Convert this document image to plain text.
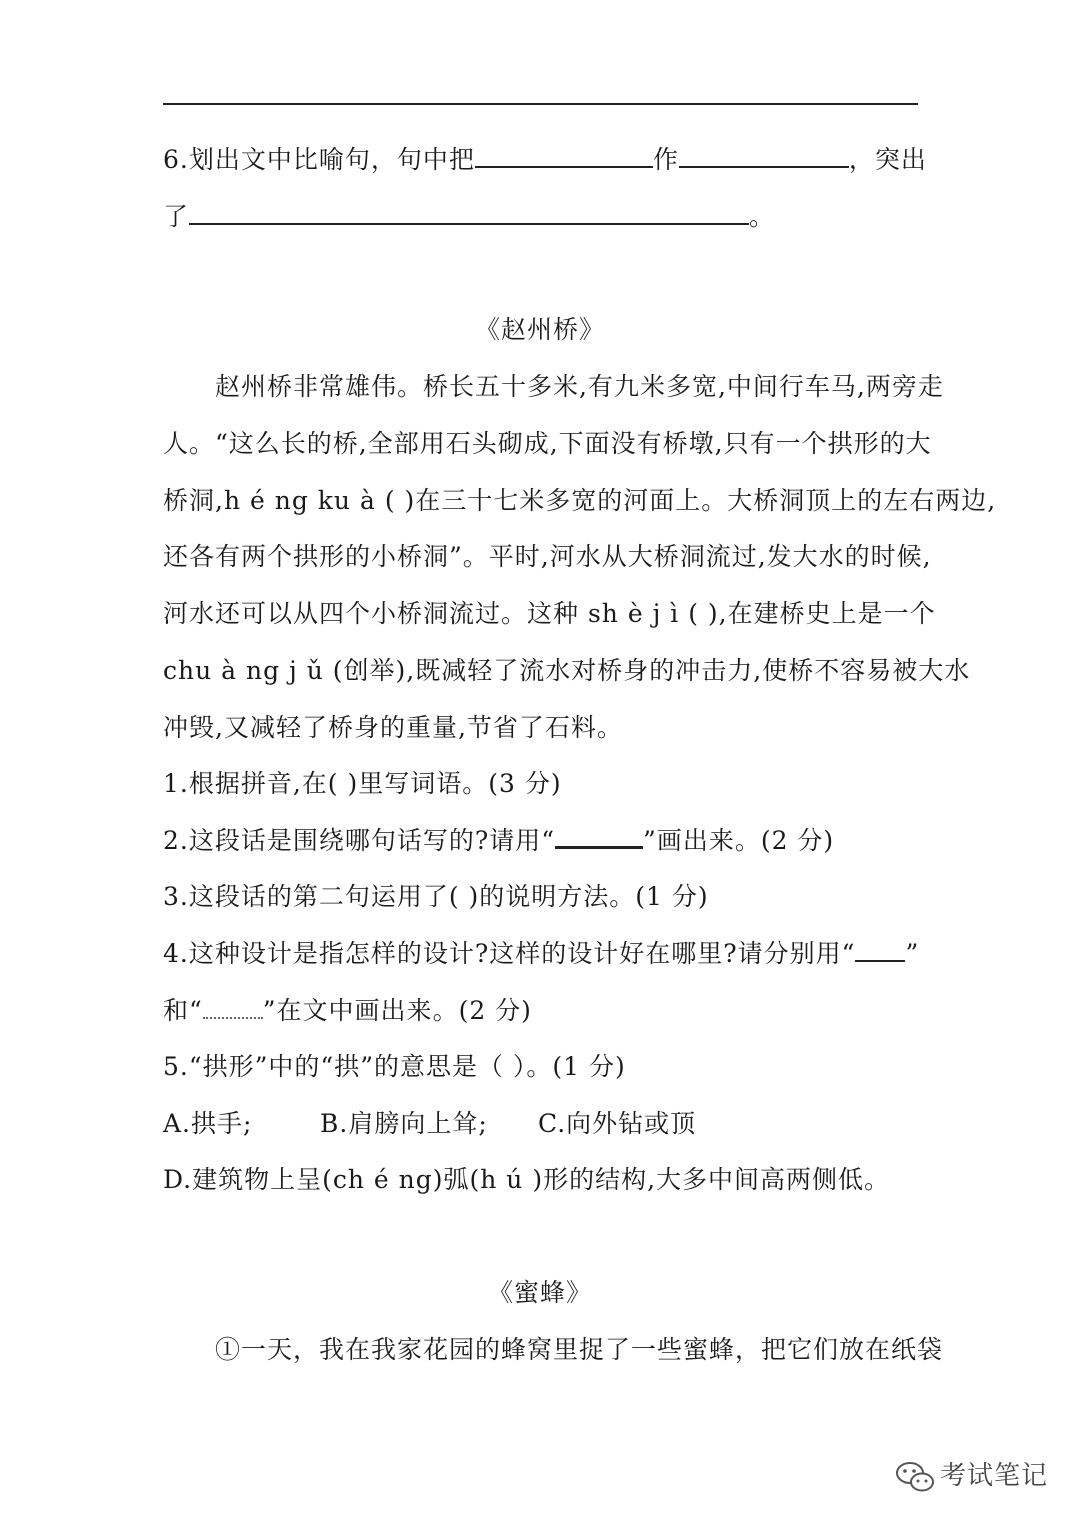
6.划出文中比喻句，句中把	作	，突出
了	。
《赵州桥》
赵州桥非常雄伟。桥长五十多米,有九米多宽,中间行车马,两旁走
人。“这么长的桥,全部用石头砌成,下面没有桥墩,只有一个拱形的大
桥洞,h é ng ku à ( )在三十七米多宽的河面上。大桥洞顶上的左右两边,
还各有两个拱形的小桥洞”。平时,河水从大桥洞流过,发大水的时候,
河水还可以从四个小桥洞流过。这种 sh è j ì ( ),在建桥史上是一个
chu à ng j ǔ (创举),既减轻了流水对桥身的冲击力,使桥不容易被大水
冲毁,又减轻了桥身的重量,节省了石料。
1.根据拼音,在( )里写词语。(3 分)
2.这段话是围绕哪句话写的?请用“	”画出来。(2 分)
3.这段话的第二句运用了( )的说明方法。(1 分)
4.这种设计是指怎样的设计?这样的设计好在哪里?请分别用“ ”
和“ ”在文中画出来。(2 分)
5.“拱形”中的“拱”的意思是（ ）。(1 分)
A.拱手;	B.肩膀向上耸; C.向外钻或顶
D.建筑物上呈(ch é ng)弧(h ú )形的结构,大多中间高两侧低。
《蜜蜂》
①一天，我在我家花园的蜂窝里捉了一些蜜蜂，把它们放在纸袋
考试笔记
